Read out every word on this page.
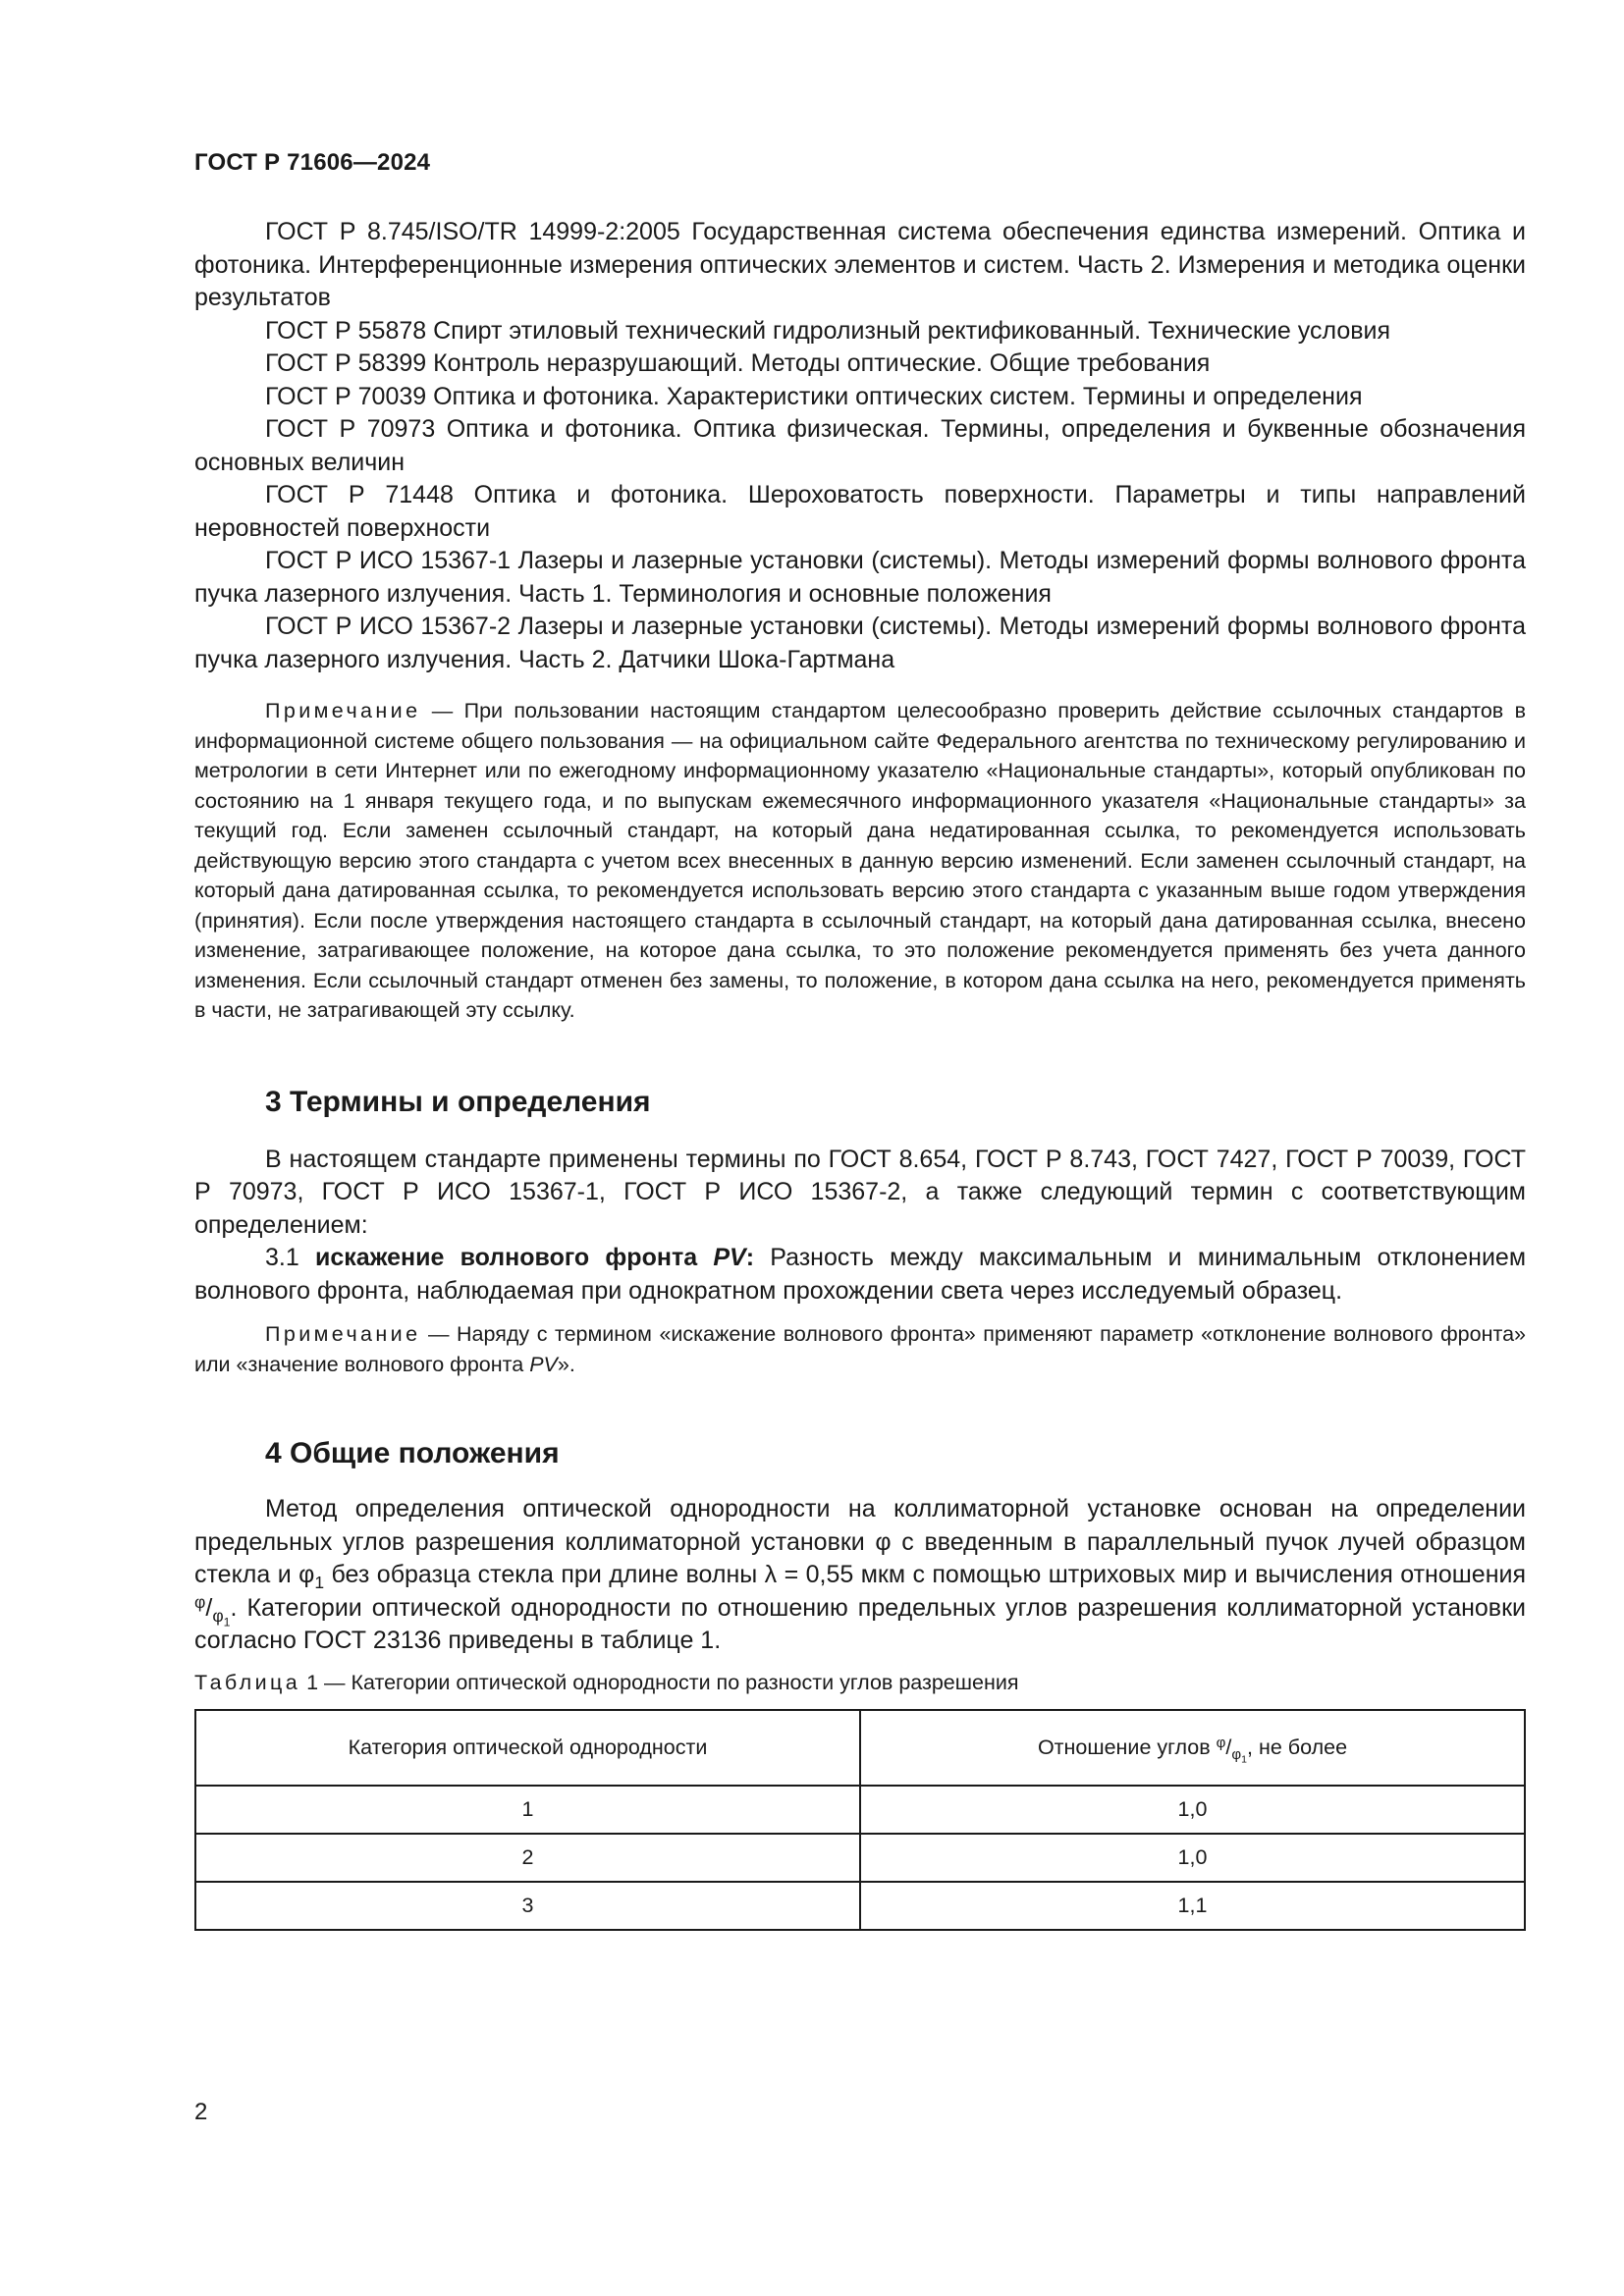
ГОСТ Р 71606—2024

ГОСТ Р 8.745/ISO/TR 14999-2:2005 Государственная система обеспечения единства измерений. Оптика и фотоника. Интерференционные измерения оптических элементов и систем. Часть 2. Измерения и методика оценки результатов

ГОСТ Р 55878 Спирт этиловый технический гидролизный ректификованный. Технические условия

ГОСТ Р 58399 Контроль неразрушающий. Методы оптические. Общие требования

ГОСТ Р 70039 Оптика и фотоника. Характеристики оптических систем. Термины и определения

ГОСТ Р 70973 Оптика и фотоника. Оптика физическая. Термины, определения и буквенные обозначения основных величин

ГОСТ Р 71448 Оптика и фотоника. Шероховатость поверхности. Параметры и типы направлений неровностей поверхности

ГОСТ Р ИСО 15367-1 Лазеры и лазерные установки (системы). Методы измерений формы волнового фронта пучка лазерного излучения. Часть 1. Терминология и основные положения

ГОСТ Р ИСО 15367-2 Лазеры и лазерные установки (системы). Методы измерений формы волнового фронта пучка лазерного излучения. Часть 2. Датчики Шока-Гартмана

Примечание — При пользовании настоящим стандартом целесообразно проверить действие ссылочных стандартов в информационной системе общего пользования — на официальном сайте Федерального агентства по техническому регулированию и метрологии в сети Интернет или по ежегодному информационному указателю «Национальные стандарты», который опубликован по состоянию на 1 января текущего года, и по выпускам ежемесячного информационного указателя «Национальные стандарты» за текущий год. Если заменен ссылочный стандарт, на который дана недатированная ссылка, то рекомендуется использовать действующую версию этого стандарта с учетом всех внесенных в данную версию изменений. Если заменен ссылочный стандарт, на который дана датированная ссылка, то рекомендуется использовать версию этого стандарта с указанным выше годом утверждения (принятия). Если после утверждения настоящего стандарта в ссылочный стандарт, на который дана датированная ссылка, внесено изменение, затрагивающее положение, на которое дана ссылка, то это положение рекомендуется применять без учета данного изменения. Если ссылочный стандарт отменен без замены, то положение, в котором дана ссылка на него, рекомендуется применять в части, не затрагивающей эту ссылку.

3 Термины и определения

В настоящем стандарте применены термины по ГОСТ 8.654, ГОСТ Р 8.743, ГОСТ 7427, ГОСТ Р 70039, ГОСТ Р 70973, ГОСТ Р ИСО 15367-1, ГОСТ Р ИСО 15367-2, а также следующий термин с соответствующим определением:

3.1 искажение волнового фронта PV: Разность между максимальным и минимальным отклонением волнового фронта, наблюдаемая при однократном прохождении света через исследуемый образец.

Примечание — Наряду с термином «искажение волнового фронта» применяют параметр «отклонение волнового фронта» или «значение волнового фронта PV».

4 Общие положения

Метод определения оптической однородности на коллиматорной установке основан на определении предельных углов разрешения коллиматорной установки φ с введенным в параллельный пучок лучей образцом стекла и $\varphi_1$ без образца стекла при длине волны λ = 0,55 мкм с помощью штриховых мир и вычисления отношения $^\varphi/_{\varphi_1}$. Категории оптической однородности по отношению предельных углов разрешения коллиматорной установки согласно ГОСТ 23136 приведены в таблице 1.

Таблица 1 — Категории оптической однородности по разности углов разрешения

Категория оптической однородности	Отношение углов $^\varphi/_{\varphi_1}$, не более
1	1,0
2	1,0
3	1,1
2
